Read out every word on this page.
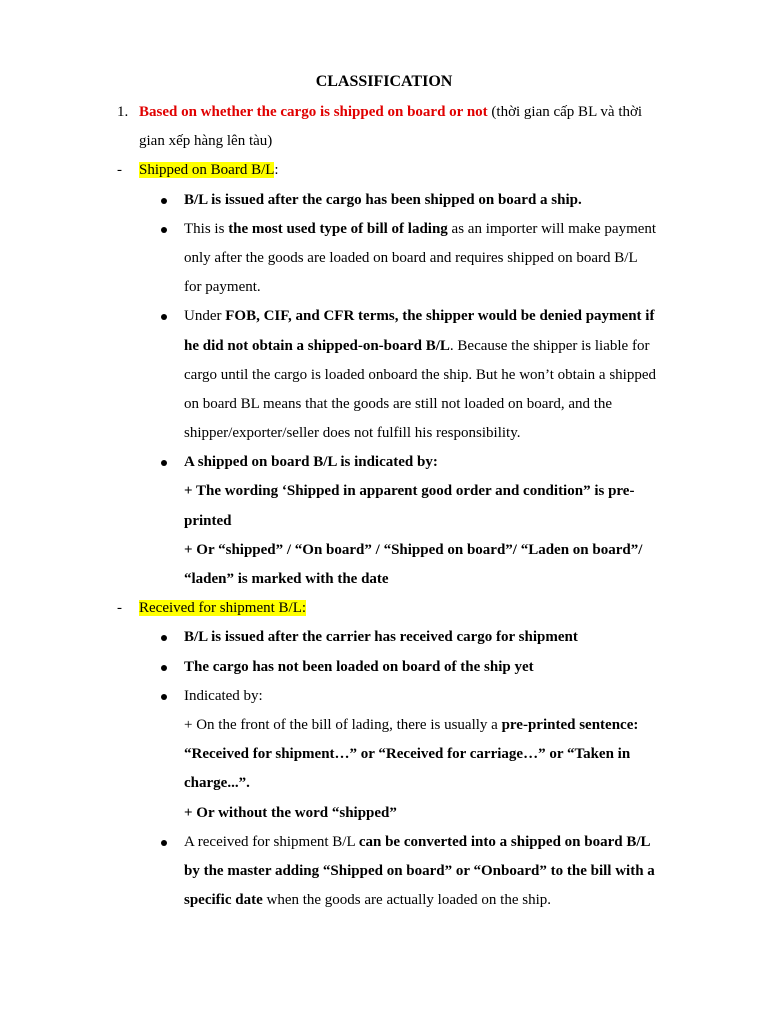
CLASSIFICATION
1. Based on whether the cargo is shipped on board or not (thời gian cấp BL và thời
gian xếp hàng lên tàu)
- Shipped on Board B/L:
B/L is issued after the cargo has been shipped on board a ship.
This is the most used type of bill of lading as an importer will make payment
only after the goods are loaded on board and requires shipped on board B/L
for payment.
Under FOB, CIF, and CFR terms, the shipper would be denied payment if
he did not obtain a shipped-on-board B/L. Because the shipper is liable for
cargo until the cargo is loaded onboard the ship. But he won’t obtain a shipped
on board BL means that the goods are still not loaded on board, and the
shipper/exporter/seller does not fulfill his responsibility.
A shipped on board B/L is indicated by:
+ The wording ‘Shipped in apparent good order and condition” is pre-
printed
+ Or “shipped” / “On board” / “Shipped on board”/ “Laden on board”/
“laden” is marked with the date
- Received for shipment B/L:
B/L is issued after the carrier has received cargo for shipment
The cargo has not been loaded on board of the ship yet
Indicated by:
+ On the front of the bill of lading, there is usually a pre-printed sentence:
“Received for shipment…” or “Received for carriage…” or “Taken in
charge...”.
+ Or without the word “shipped”
A received for shipment B/L can be converted into a shipped on board B/L
by the master adding “Shipped on board” or “Onboard” to the bill with a
specific date when the goods are actually loaded on the ship.
